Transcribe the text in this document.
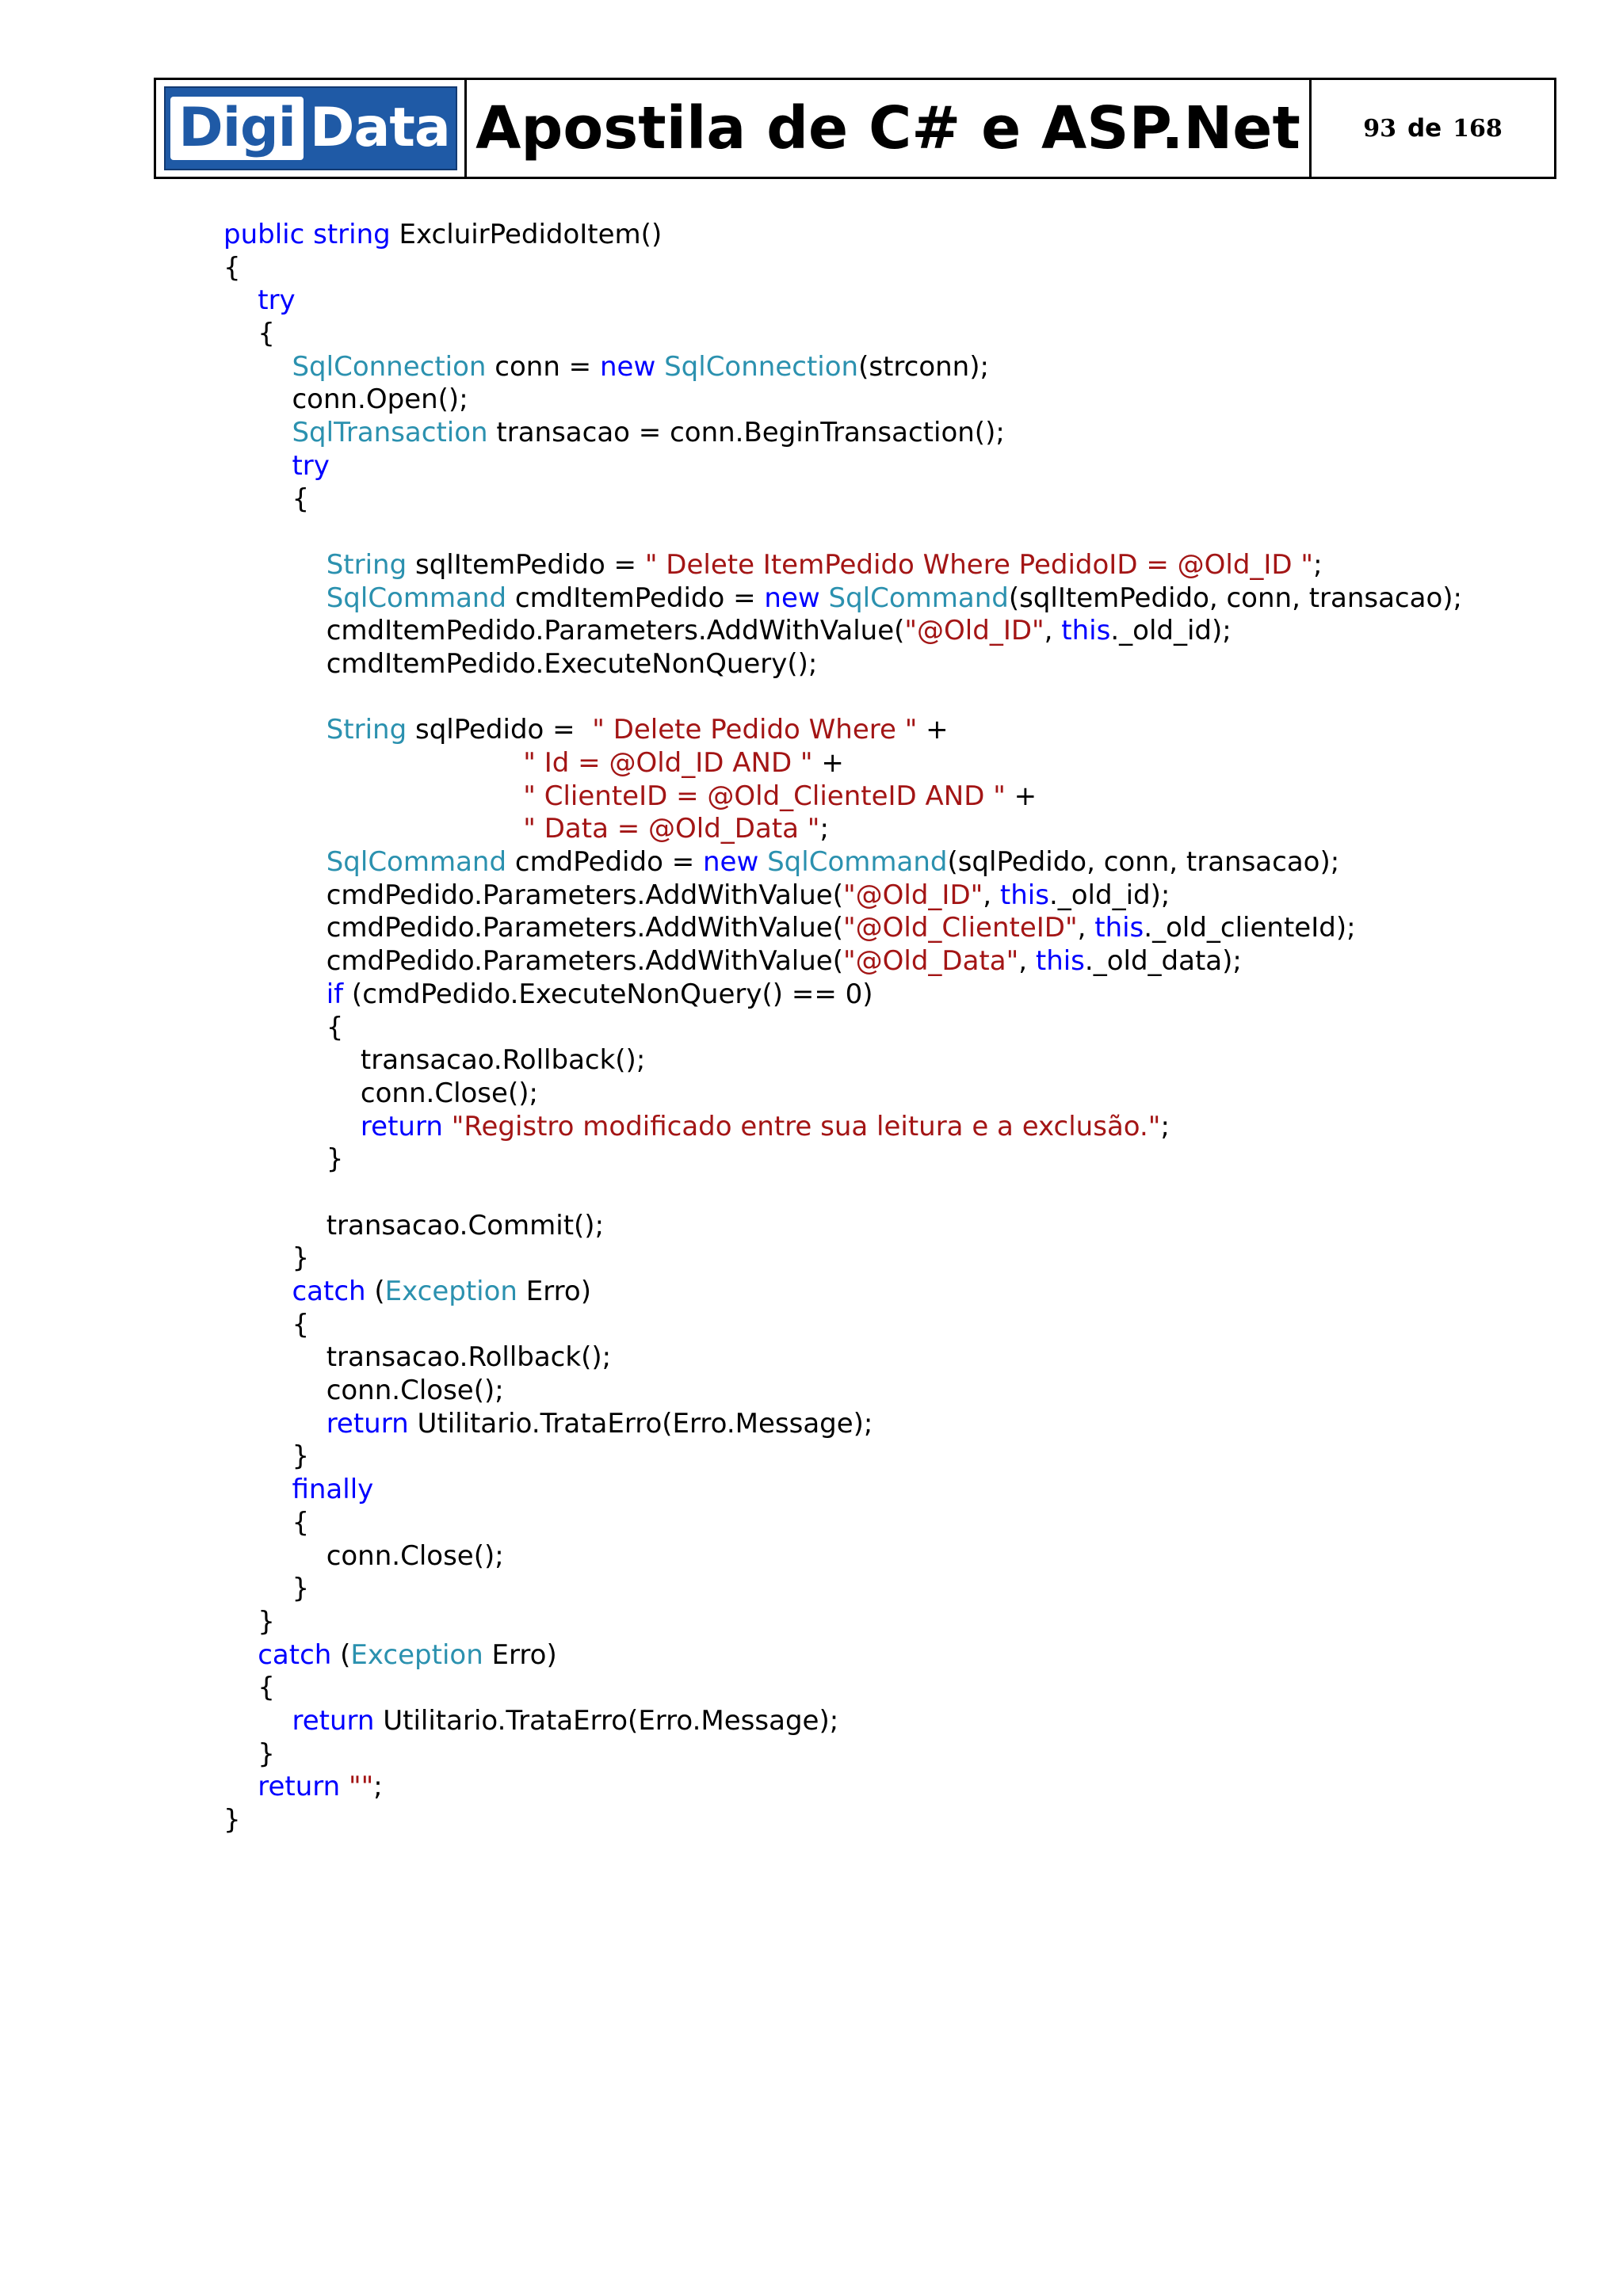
Digi Data Apostila de C# e ASP.Net	93 de 168
public string ExcluirPedidoItem()
{
try
{
SqlConnection conn = new SqlConnection(strconn);
conn.Open();
SqlTransaction transacao = conn.BeginTransaction();
try
{
String sqlItemPedido = " Delete ItemPedido Where PedidoID = @Old_ID ";
SqlCommand cmdItemPedido = new SqlCommand(sqlItemPedido, conn, transacao);
cmdItemPedido.Parameters.AddWithValue("@Old_ID", this._old_id);
cmdItemPedido.ExecuteNonQuery();
String sqlPedido =  " Delete Pedido Where " +
" Id = @Old_ID AND " +
" ClienteID = @Old_ClienteID AND " +
" Data = @Old_Data ";
SqlCommand cmdPedido = new SqlCommand(sqlPedido, conn, transacao);
cmdPedido.Parameters.AddWithValue("@Old_ID", this._old_id);
cmdPedido.Parameters.AddWithValue("@Old_ClienteID", this._old_clienteId);
cmdPedido.Parameters.AddWithValue("@Old_Data", this._old_data);
if (cmdPedido.ExecuteNonQuery() == 0)
{
transacao.Rollback();
conn.Close();
return "Registro modificado entre sua leitura e a exclusão.";
}
transacao.Commit();
}
catch (Exception Erro)
{
transacao.Rollback();
conn.Close();
return Utilitario.TrataErro(Erro.Message);
}
finally
{
conn.Close();
}
}
catch (Exception Erro)
{
return Utilitario.TrataErro(Erro.Message);
}
return "";
}
